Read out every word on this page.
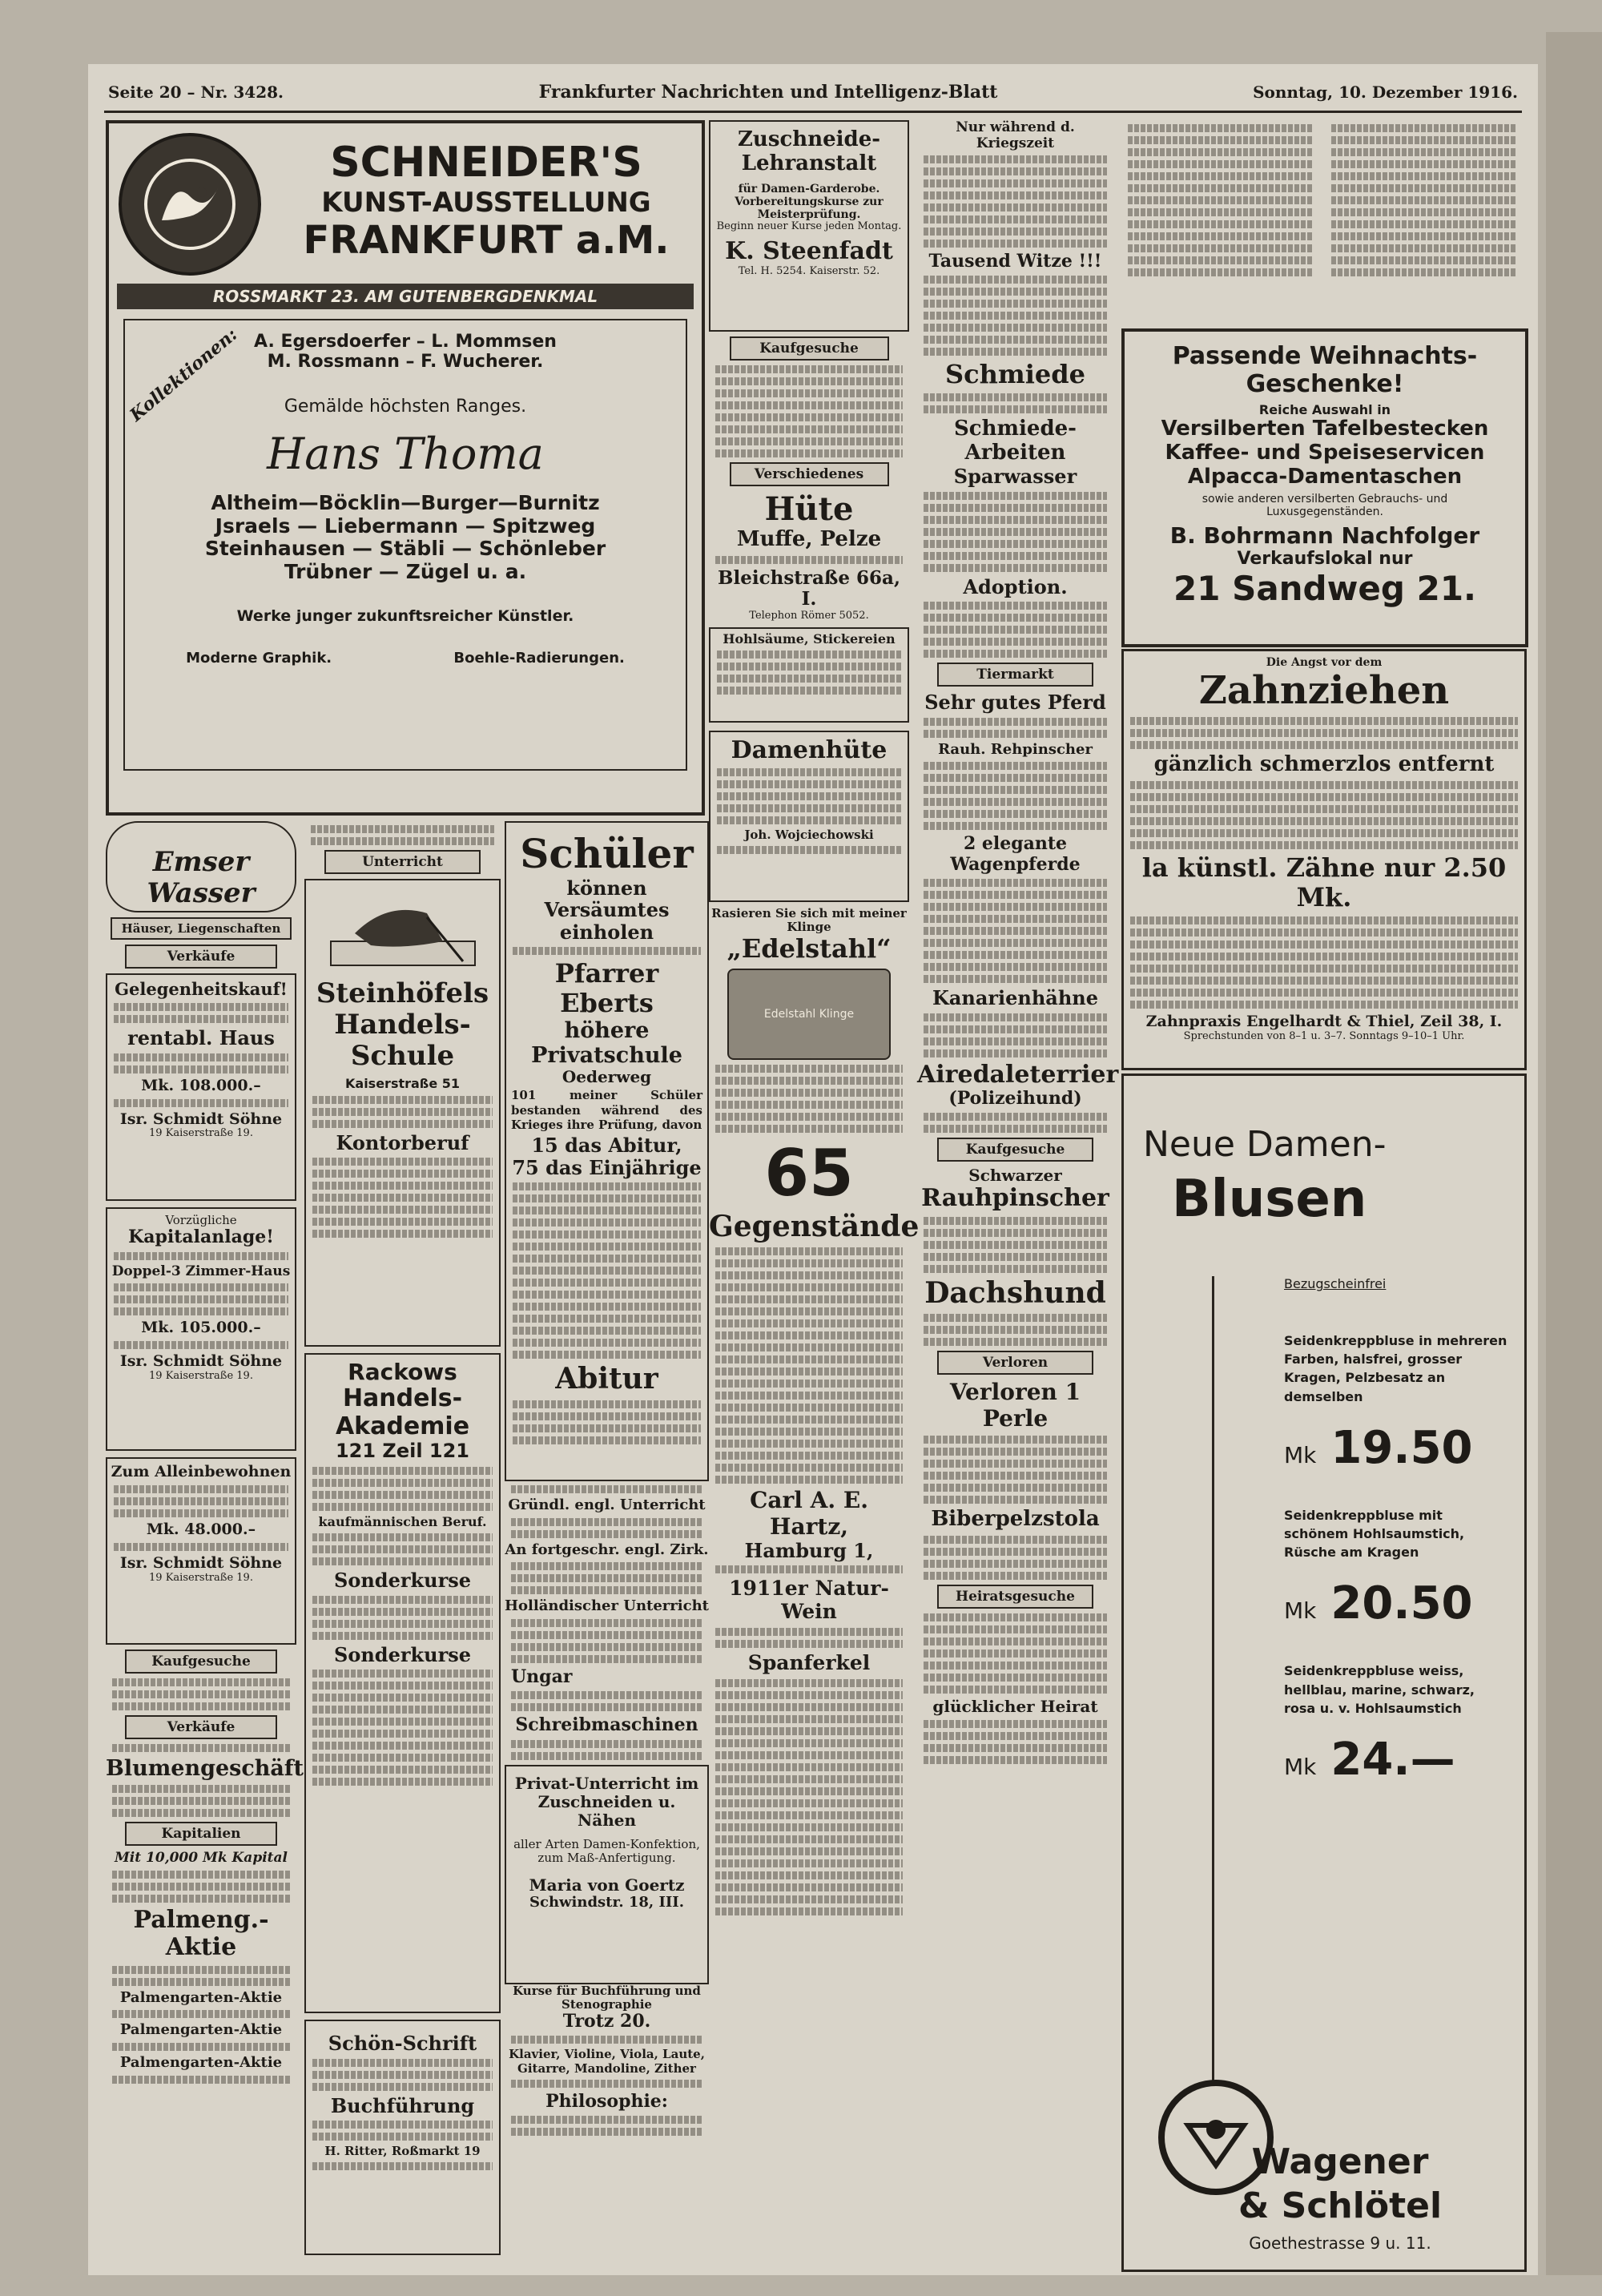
Seite 20 – Nr. 3428.	Frankfurter Nachrichten und Intelligenz-Blatt	Sonntag, 10. Dezember 1916.
SCHNEIDER'S
KUNST-AUSSTELLUNG
FRANKFURT a.M.
ROSSMARKT 23. AM GUTENBERGDENKMAL
Kollektionen: A. Egersdoerfer – L. Mommsen
M. Rossmann – F. Wucherer.
Gemälde höchsten Ranges.
Hans Thoma
Altheim—Böcklin—Burger—Burnitz
Jsraels — Liebermann — Spitzweg
Steinhausen — Stäbli — Schönleber
Trübner — Zügel u. a.
Werke junger zukunftsreicher Künstler.
Moderne Graphik.	Boehle-Radierungen.
Emser Wasser
Häuser, Liegenschaften
Verkäufe
Gelegenheitskauf!
rentabl. Haus
Mk. 108.000.–
Isr. Schmidt Söhne
19 Kaiserstraße 19.
Vorzügliche
Kapitalanlage!
Doppel-3 Zimmer-Haus
Mk. 105.000.–
Isr. Schmidt Söhne
19 Kaiserstraße 19.
Zum Alleinbewohnen
Mk. 48.000.–
Isr. Schmidt Söhne
19 Kaiserstraße 19.
Kaufgesuche
Verkäufe
Blumengeschäft
Kapitalien
Mit 10,000 Mk Kapital
Palmeng.-Aktie
Palmengarten-Aktie
Palmengarten-Aktie
Palmengarten-Aktie
Unterricht
Steinhöfels
Handels-Schule
Kaiserstraße 51
Kontorberuf
Rackows
Handels-Akademie
121 Zeil 121
kaufmännischen Beruf.
Sonderkurse
Sonderkurse
Schön-Schrift
Buchführung
H. Ritter, Roßmarkt 19
Schüler
können Versäumtes einholen
Pfarrer Eberts
höhere Privatschule
Oederweg
101 meiner Schüler bestanden während des Krieges ihre Prüfung, davon
15 das Abitur,
75 das Einjährige
Abitur
Gründl. engl. Unterricht
An fortgeschr. engl. Zirk.
Holländischer Unterricht
Ungar
Schreibmaschinen
Privat-Unterricht im Zuschneiden u. Nähen
aller Arten Damen-Konfektion, zum Maß-Anfertigung.
Maria von Goertz
Schwindstr. 18, III.
Kurse für Buchführung und Stenographie
Trotz 20.
Klavier, Violine, Viola, Laute, Gitarre, Mandoline, Zither
Philosophie:
Zuschneide-Lehranstalt
für Damen-Garderobe.
Vorbereitungskurse zur Meisterprüfung.
Beginn neuer Kurse jeden Montag.
K. Steenfadt
Tel. H. 5254. Kaiserstr. 52.
Kaufgesuche
Verschiedenes
Hüte
Muffe, Pelze
Bleichstraße 66a, I.
Telephon Römer 5052.
Hohlsäume, Stickereien
Damenhüte
Joh. Wojciechowski
Rasieren Sie sich mit meiner Klinge
„Edelstahl“
Edelstahl Klinge
65
Gegenstände
Carl A. E. Hartz,
Hamburg 1,
1911er Natur-Wein
Spanferkel
Nur während d. Kriegszeit
Tausend Witze !!!
Schmiede
Schmiede-Arbeiten
Sparwasser
Adoption.
Tiermarkt
Sehr gutes Pferd
Rauh. Rehpinscher
2 elegante Wagenpferde
Kanarienhähne
Airedaleterrier
(Polizeihund)
Kaufgesuche
Schwarzer
Rauhpinscher
Dachshund
Verloren
Verloren 1 Perle
Biberpelzstola
Heiratsgesuche
glücklicher Heirat
Passende Weihnachts-Geschenke!
Reiche Auswahl in
Versilberten Tafelbestecken
Kaffee- und Speiseservicen
Alpacca-Damentaschen
sowie anderen versilberten Gebrauchs- und Luxusgegenständen.
B. Bohrmann Nachfolger
Verkaufslokal nur
21 Sandweg 21.
Die Angst vor dem
Zahnziehen
gänzlich schmerzlos entfernt
la künstl. Zähne nur 2.50 Mk.
Zahnpraxis Engelhardt & Thiel, Zeil 38, I.
Sprechstunden von 8–1 u. 3–7. Sonntags 9–10–1 Uhr.
Neue Damen-
Blusen
Bezugscheinfrei
Seidenkreppbluse in mehreren Farben, halsfrei, grosser Kragen, Pelzbesatz an demselben
Mk 19.50
Seidenkreppbluse mit schönem Hohlsaumstich, Rüsche am Kragen
Mk 20.50
Seidenkreppbluse weiss, hellblau, marine, schwarz, rosa u. v. Hohlsaumstich
Mk 24.—
Wagener
& Schlötel
Goethestrasse 9 u. 11.
